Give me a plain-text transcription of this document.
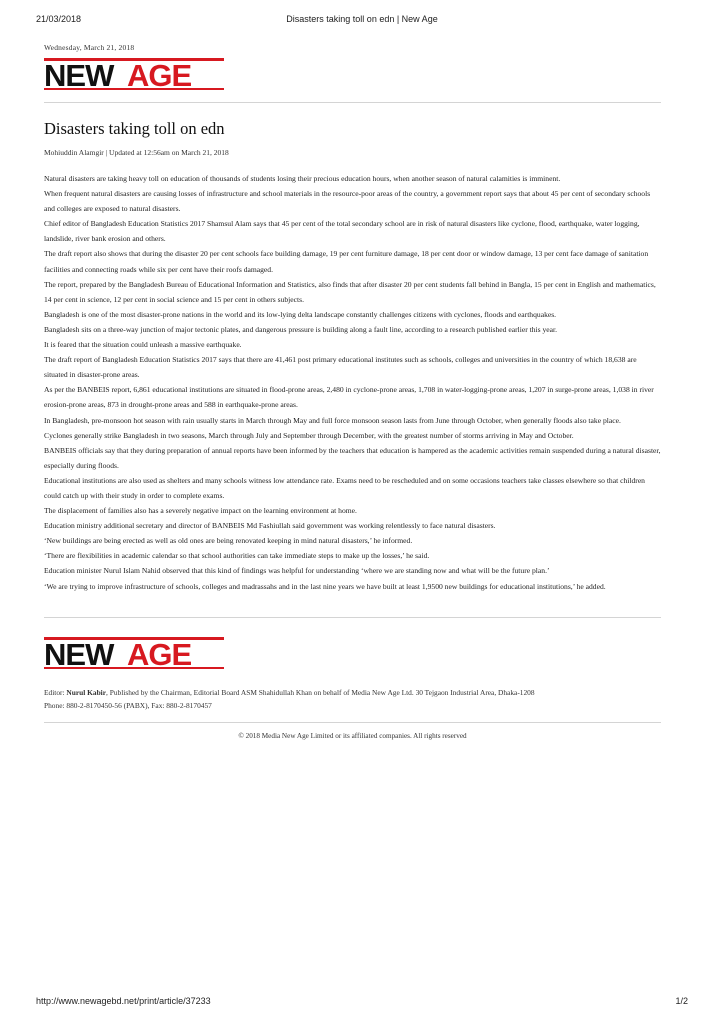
21/03/2018	Disasters taking toll on edn | New Age
Wednesday, March 21, 2018
NEW AGE
Disasters taking toll on edn
Mohiuddin Alamgir | Updated at 12:56am on March 21, 2018

Natural disasters are taking heavy toll on education of thousands of students losing their precious education hours, when another season of natural calamities is imminent.

When frequent natural disasters are causing losses of infrastructure and school materials in the resource-poor areas of the country, a government report says that about 45 per cent of secondary schools and colleges are exposed to natural disasters.

Chief editor of Bangladesh Education Statistics 2017 Shamsul Alam says that 45 per cent of the total secondary school are in risk of natural disasters like cyclone, flood, earthquake, water logging, landslide, river bank erosion and others.

The draft report also shows that during the disaster 20 per cent schools face building damage, 19 per cent furniture damage, 18 per cent door or window damage, 13 per cent face damage of sanitation facilities and connecting roads while six per cent have their roofs damaged.

The report, prepared by the Bangladesh Bureau of Educational Information and Statistics, also finds that after disaster 20 per cent students fall behind in Bangla, 15 per cent in English and mathematics, 14 per cent in science, 12 per cent in social science and 15 per cent in others subjects.

Bangladesh is one of the most disaster-prone nations in the world and its low-lying delta landscape constantly challenges citizens with cyclones, floods and earthquakes.

Bangladesh sits on a three-way junction of major tectonic plates, and dangerous pressure is building along a fault line, according to a research published earlier this year.

It is feared that the situation could unleash a massive earthquake.

The draft report of Bangladesh Education Statistics 2017 says that there are 41,461 post primary educational institutes such as schools, colleges and universities in the country of which 18,638 are situated in disaster-prone areas.

As per the BANBEIS report, 6,861 educational institutions are situated in flood-prone areas, 2,480 in cyclone-prone areas, 1,708 in water-logging-prone areas, 1,207 in surge-prone areas, 1,038 in river erosion-prone areas, 873 in drought-prone areas and 588 in earthquake-prone areas.

In Bangladesh, pre-monsoon hot season with rain usually starts in March through May and full force monsoon season lasts from June through October, when generally floods also take place.

Cyclones generally strike Bangladesh in two seasons, March through July and September through December, with the greatest number of storms arriving in May and October.

BANBEIS officials say that they during preparation of annual reports have been informed by the teachers that education is hampered as the academic activities remain suspended during a natural disaster, especially during floods.

Educational institutions are also used as shelters and many schools witness low attendance rate. Exams need to be rescheduled and on some occasions teachers take classes elsewhere so that children could catch up with their study in order to complete exams.

The displacement of families also has a severely negative impact on the learning environment at home.

Education ministry additional secretary and director of BANBEIS Md Fashiullah said government was working relentlessly to face natural disasters.

‘New buildings are being erected as well as old ones are being renovated keeping in mind natural disasters,’ he informed.

‘There are flexibilities in academic calendar so that school authorities can take immediate steps to make up the losses,’ he said.

Education minister Nurul Islam Nahid observed that this kind of findings was helpful for understanding ‘where we are standing now and what will be the future plan.’

‘We are trying to improve infrastructure of schools, colleges and madrassahs and in the last nine years we have built at least 1,9500 new buildings for educational institutions,’ he added.

NEW AGE
Editor: Nurul Kabir, Published by the Chairman, Editorial Board ASM Shahidullah Khan on behalf of Media New Age Ltd. 30 Tejgaon Industrial Area, Dhaka-1208
Phone: 880-2-8170450-56 (PABX), Fax: 880-2-8170457
© 2018 Media New Age Limited or its affiliated companies. All rights reserved
http://www.newagebd.net/print/article/37233	1/2
